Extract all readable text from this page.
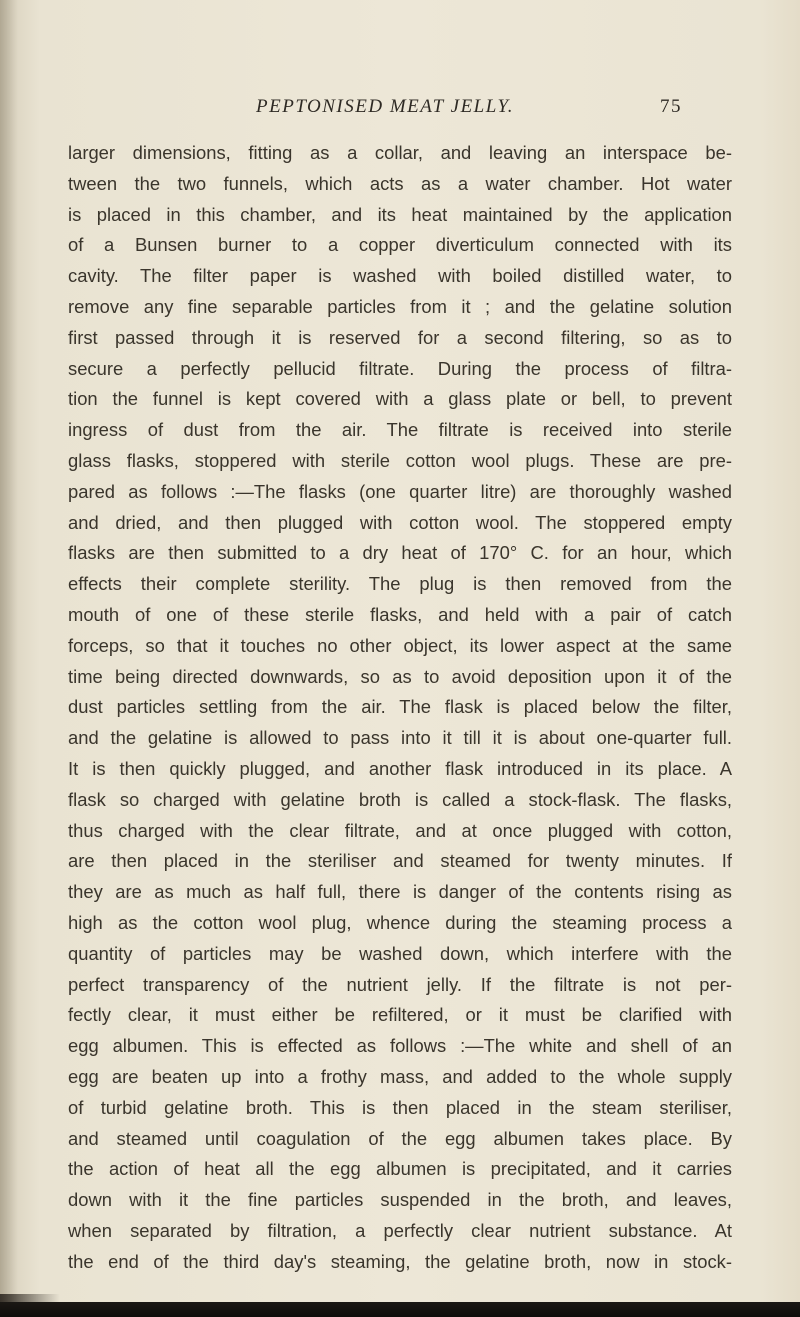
PEPTONISED MEAT JELLY.	75
larger dimensions, fitting as a collar, and leaving an interspace be-
tween the two funnels, which acts as a water chamber. Hot water
is placed in this chamber, and its heat maintained by the application
of a Bunsen burner to a copper diverticulum connected with its
cavity. The filter paper is washed with boiled distilled water, to
remove any fine separable particles from it ; and the gelatine solution
first passed through it is reserved for a second filtering, so as to
secure a perfectly pellucid filtrate. During the process of filtra-
tion the funnel is kept covered with a glass plate or bell, to prevent
ingress of dust from the air. The filtrate is received into sterile
glass flasks, stoppered with sterile cotton wool plugs. These are pre-
pared as follows :—The flasks (one quarter litre) are thoroughly washed
and dried, and then plugged with cotton wool. The stoppered empty
flasks are then submitted to a dry heat of 170° C. for an hour, which
effects their complete sterility. The plug is then removed from the
mouth of one of these sterile flasks, and held with a pair of catch
forceps, so that it touches no other object, its lower aspect at the same
time being directed downwards, so as to avoid deposition upon it of the
dust particles settling from the air. The flask is placed below the filter,
and the gelatine is allowed to pass into it till it is about one-quarter full.
It is then quickly plugged, and another flask introduced in its place. A
flask so charged with gelatine broth is called a stock-flask. The flasks,
thus charged with the clear filtrate, and at once plugged with cotton,
are then placed in the steriliser and steamed for twenty minutes. If
they are as much as half full, there is danger of the contents rising as
high as the cotton wool plug, whence during the steaming process a
quantity of particles may be washed down, which interfere with the
perfect transparency of the nutrient jelly. If the filtrate is not per-
fectly clear, it must either be refiltered, or it must be clarified with
egg albumen. This is effected as follows :—The white and shell of an
egg are beaten up into a frothy mass, and added to the whole supply
of turbid gelatine broth. This is then placed in the steam steriliser,
and steamed until coagulation of the egg albumen takes place. By
the action of heat all the egg albumen is precipitated, and it carries
down with it the fine particles suspended in the broth, and leaves,
when separated by filtration, a perfectly clear nutrient substance. At
the end of the third day's steaming, the gelatine broth, now in stock-
